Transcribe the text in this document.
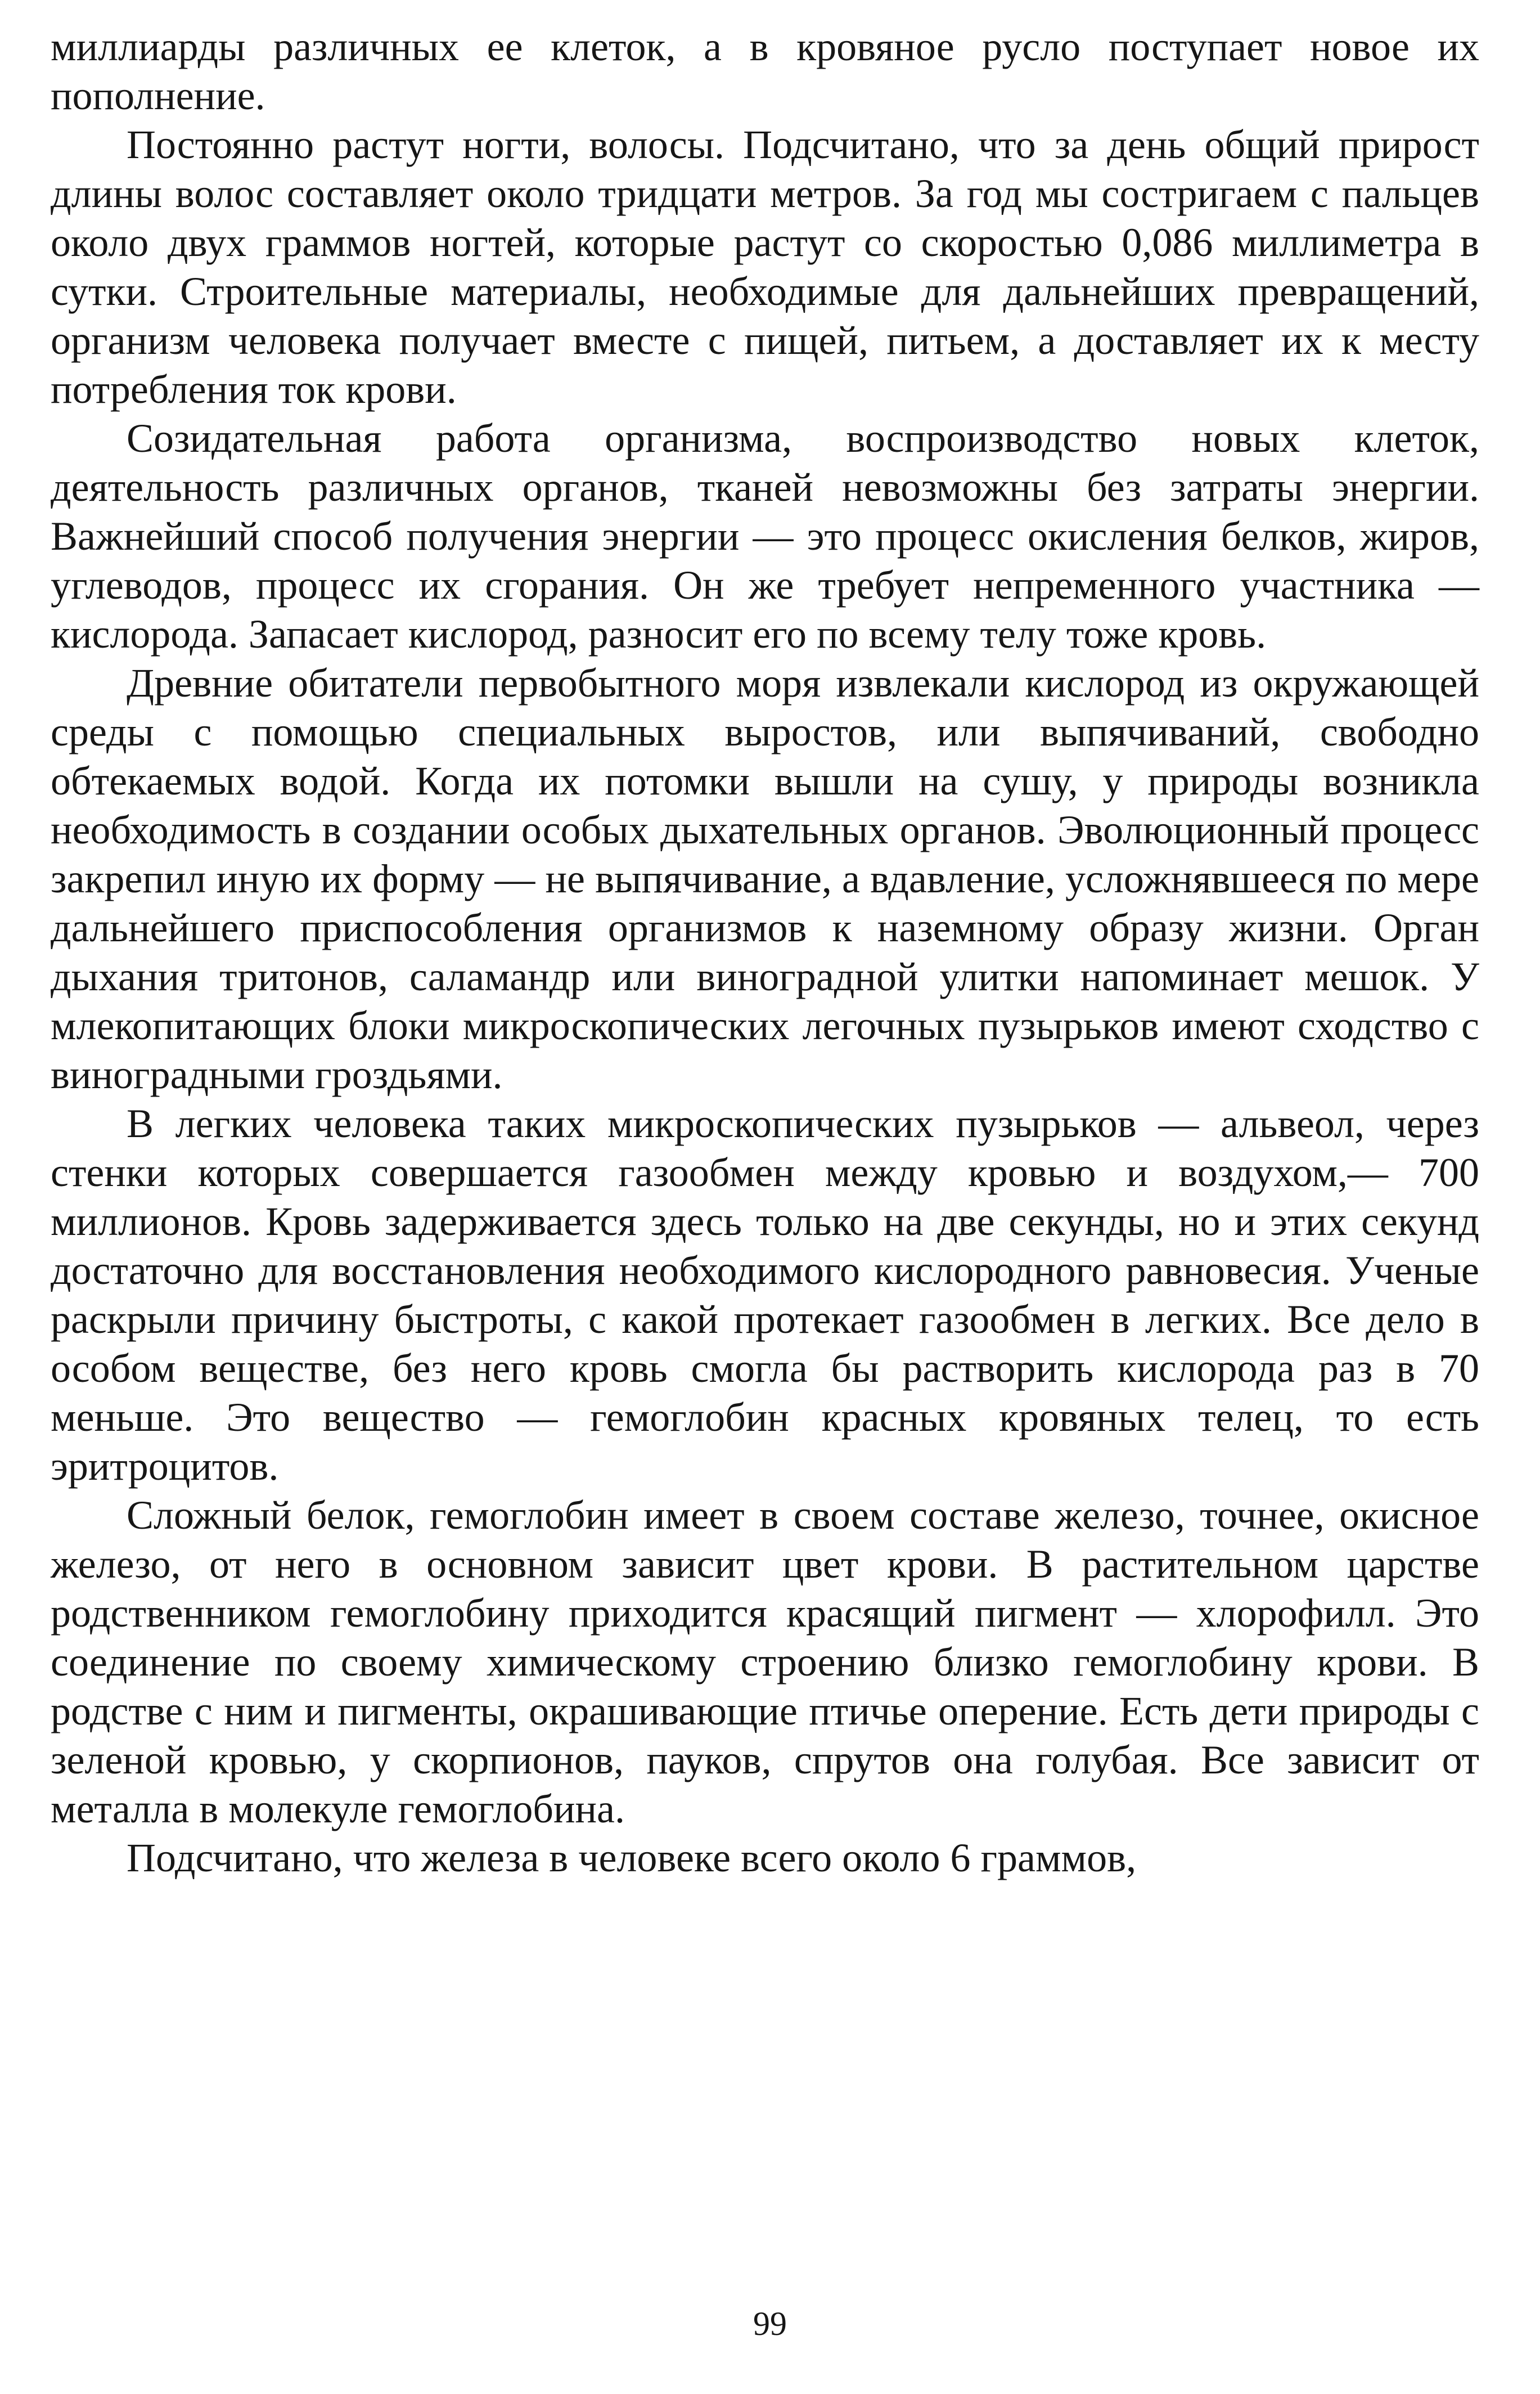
миллиарды различных ее клеток, а в кровяное русло поступает новое их пополнение.

Постоянно растут ногти, волосы. Подсчитано, что за день общий прирост длины волос составляет около тридцати метров. За год мы состригаем с пальцев около двух граммов ногтей, которые растут со скоростью 0,086 миллиметра в сутки. Строительные материалы, необходимые для дальнейших превращений, организм человека получает вместе с пищей, питьем, а доставляет их к месту потребления ток крови.

Созидательная работа организма, воспроизводство новых клеток, деятельность различных органов, тканей невозможны без затраты энергии. Важнейший способ получения энергии — это процесс окисления белков, жиров, углеводов, процесс их сгорания. Он же требует непременного участника — кислорода. Запасает кислород, разносит его по всему телу тоже кровь.

Древние обитатели первобытного моря извлекали кислород из окружающей среды с помощью специальных выростов, или выпячиваний, свободно обтекаемых водой. Когда их потомки вышли на сушу, у природы возникла необходимость в создании особых дыхательных органов. Эволюционный процесс закрепил иную их форму — не выпячивание, а вдавление, усложнявшееся по мере дальнейшего приспособления организмов к наземному образу жизни. Орган дыхания тритонов, саламандр или виноградной улитки напоминает мешок. У млекопитающих блоки микроскопических легочных пузырьков имеют сходство с виноградными гроздьями.

В легких человека таких микроскопических пузырьков — альвеол, через стенки которых совершается газообмен между кровью и воздухом,— 700 миллионов. Кровь задерживается здесь только на две секунды, но и этих секунд достаточно для восстановления необходимого кислородного равновесия. Ученые раскрыли причину быстроты, с какой протекает газообмен в легких. Все дело в особом веществе, без него кровь смогла бы растворить кислорода раз в 70 меньше. Это вещество — гемоглобин красных кровяных телец, то есть эритроцитов.

Сложный белок, гемоглобин имеет в своем составе железо, точнее, окисное железо, от него в основном зависит цвет крови. В растительном царстве родственником гемоглобину приходится красящий пигмент — хлорофилл. Это соединение по своему химическому строению близко гемоглобину крови. В родстве с ним и пигменты, окрашивающие птичье оперение. Есть дети природы с зеленой кровью, у скорпионов, пауков, спрутов она голубая. Все зависит от металла в молекуле гемоглобина.

Подсчитано, что железа в человеке всего около 6 граммов,

99
